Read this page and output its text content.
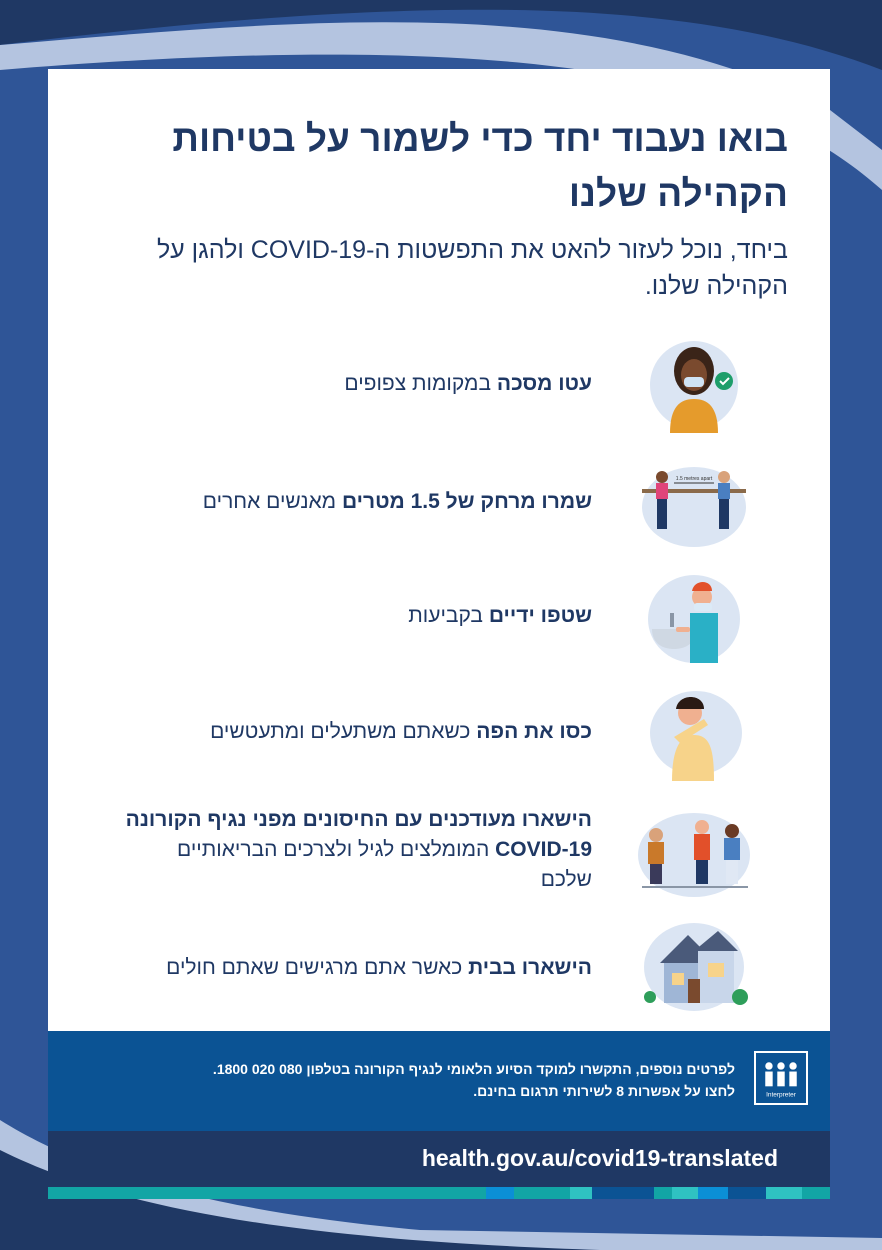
בואו נעבוד יחד כדי לשמור על בטיחות הקהילה שלנו

ביחד, נוכל לעזור להאט את התפשטות ה-COVID-19 ולהגן על הקהילה שלנו.

עטו מסכה במקומות צפופים
1.5 metres apart
שמרו מרחק של 1.5 מטרים מאנשים אחרים
שטפו ידיים בקביעות
כסו את הפה כשאתם משתעלים ומתעטשים
הישארו מעודכנים עם החיסונים מפני נגיף הקורונה COVID-19 המומלצים לגיל ולצרכים הבריאותיים שלכם
הישארו בבית כאשר אתם מרגישים שאתם חולים
Interpreter
לפרטים נוספים, התקשרו למוקד הסיוע הלאומי לנגיף הקורונה בטלפון 080 020 1800.
לחצו על אפשרות 8 לשירותי תרגום בחינם.
health.gov.au/covid19-translated
